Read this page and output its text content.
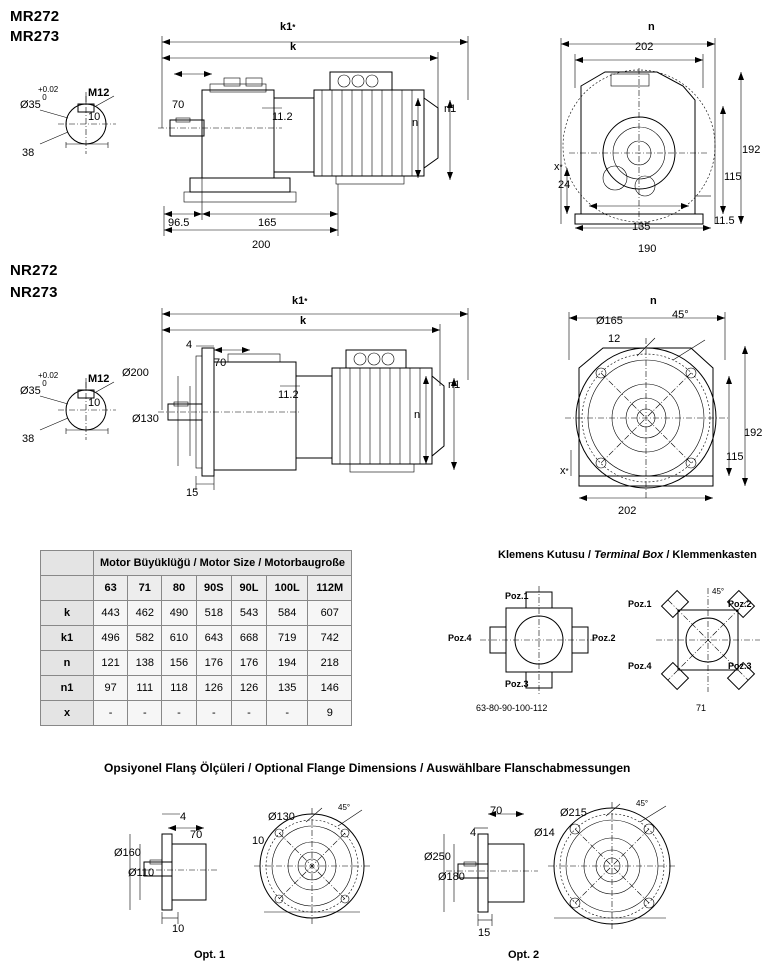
MR272
MR273
+0.02
0	M12
Ø35
10
38
k1*
k
70
11.2	n
n1
96.5	165
200
n
202
192
115
x*
24
135	11.5
190
NR272
NR273
+0.02
0	M12
Ø35
10
38
k1*
k
4
70
Ø200
Ø130
11.2
n
n1
15
n
Ø165
12
45°
192
115
x*
202
	Motor Büyüklüğü / Motor Size / Motorbaugroße						
	63	71	80	90S	90L	100L	112M
k	443	462	490	518	543	584	607
k1	496	582	610	643	668	719	742
n	121	138	156	176	176	194	218
n1	97	111	118	126	126	135	146
x	-	-	-	-	-	-	9
Klemens Kutusu / Terminal Box / Klemmenkasten
Poz.1
Poz.2
Poz.3
Poz.4
63-80-90-100-112
Poz.1	Poz.2
Poz.3
Poz.4
45°
71
Opsiyonel Flanş Ölçüleri / Optional Flange Dimensions / Auswählbare Flanschabmessungen
4
70
Ø160
Ø110
10
Ø130
45°
10
Opt. 1
70
4
Ø250
Ø180
15
Ø215
Ø14
45°
Opt. 2
